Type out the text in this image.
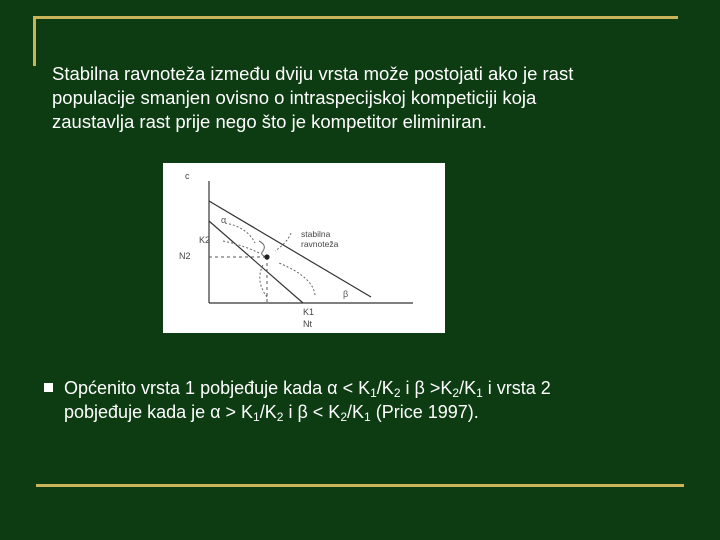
Stabilna ravnoteža između dviju vrsta može postojati ako je rast
populacije smanjen ovisno o intraspecijskoj kompeticiji koja
zaustavlja rast prije nego što je kompetitor eliminiran.
c
K2
N2
K1
Nt
α
β
stabilna
ravnoteža
Općenito vrsta 1 pobjeđuje kada $\alpha < K_1/K_2$ i $\beta >K_2/K_1$ i vrsta 2
pobjeđuje kada je $\alpha > K_1/K_2$ i $\beta < K_2/K_1$ (Price 1997).
